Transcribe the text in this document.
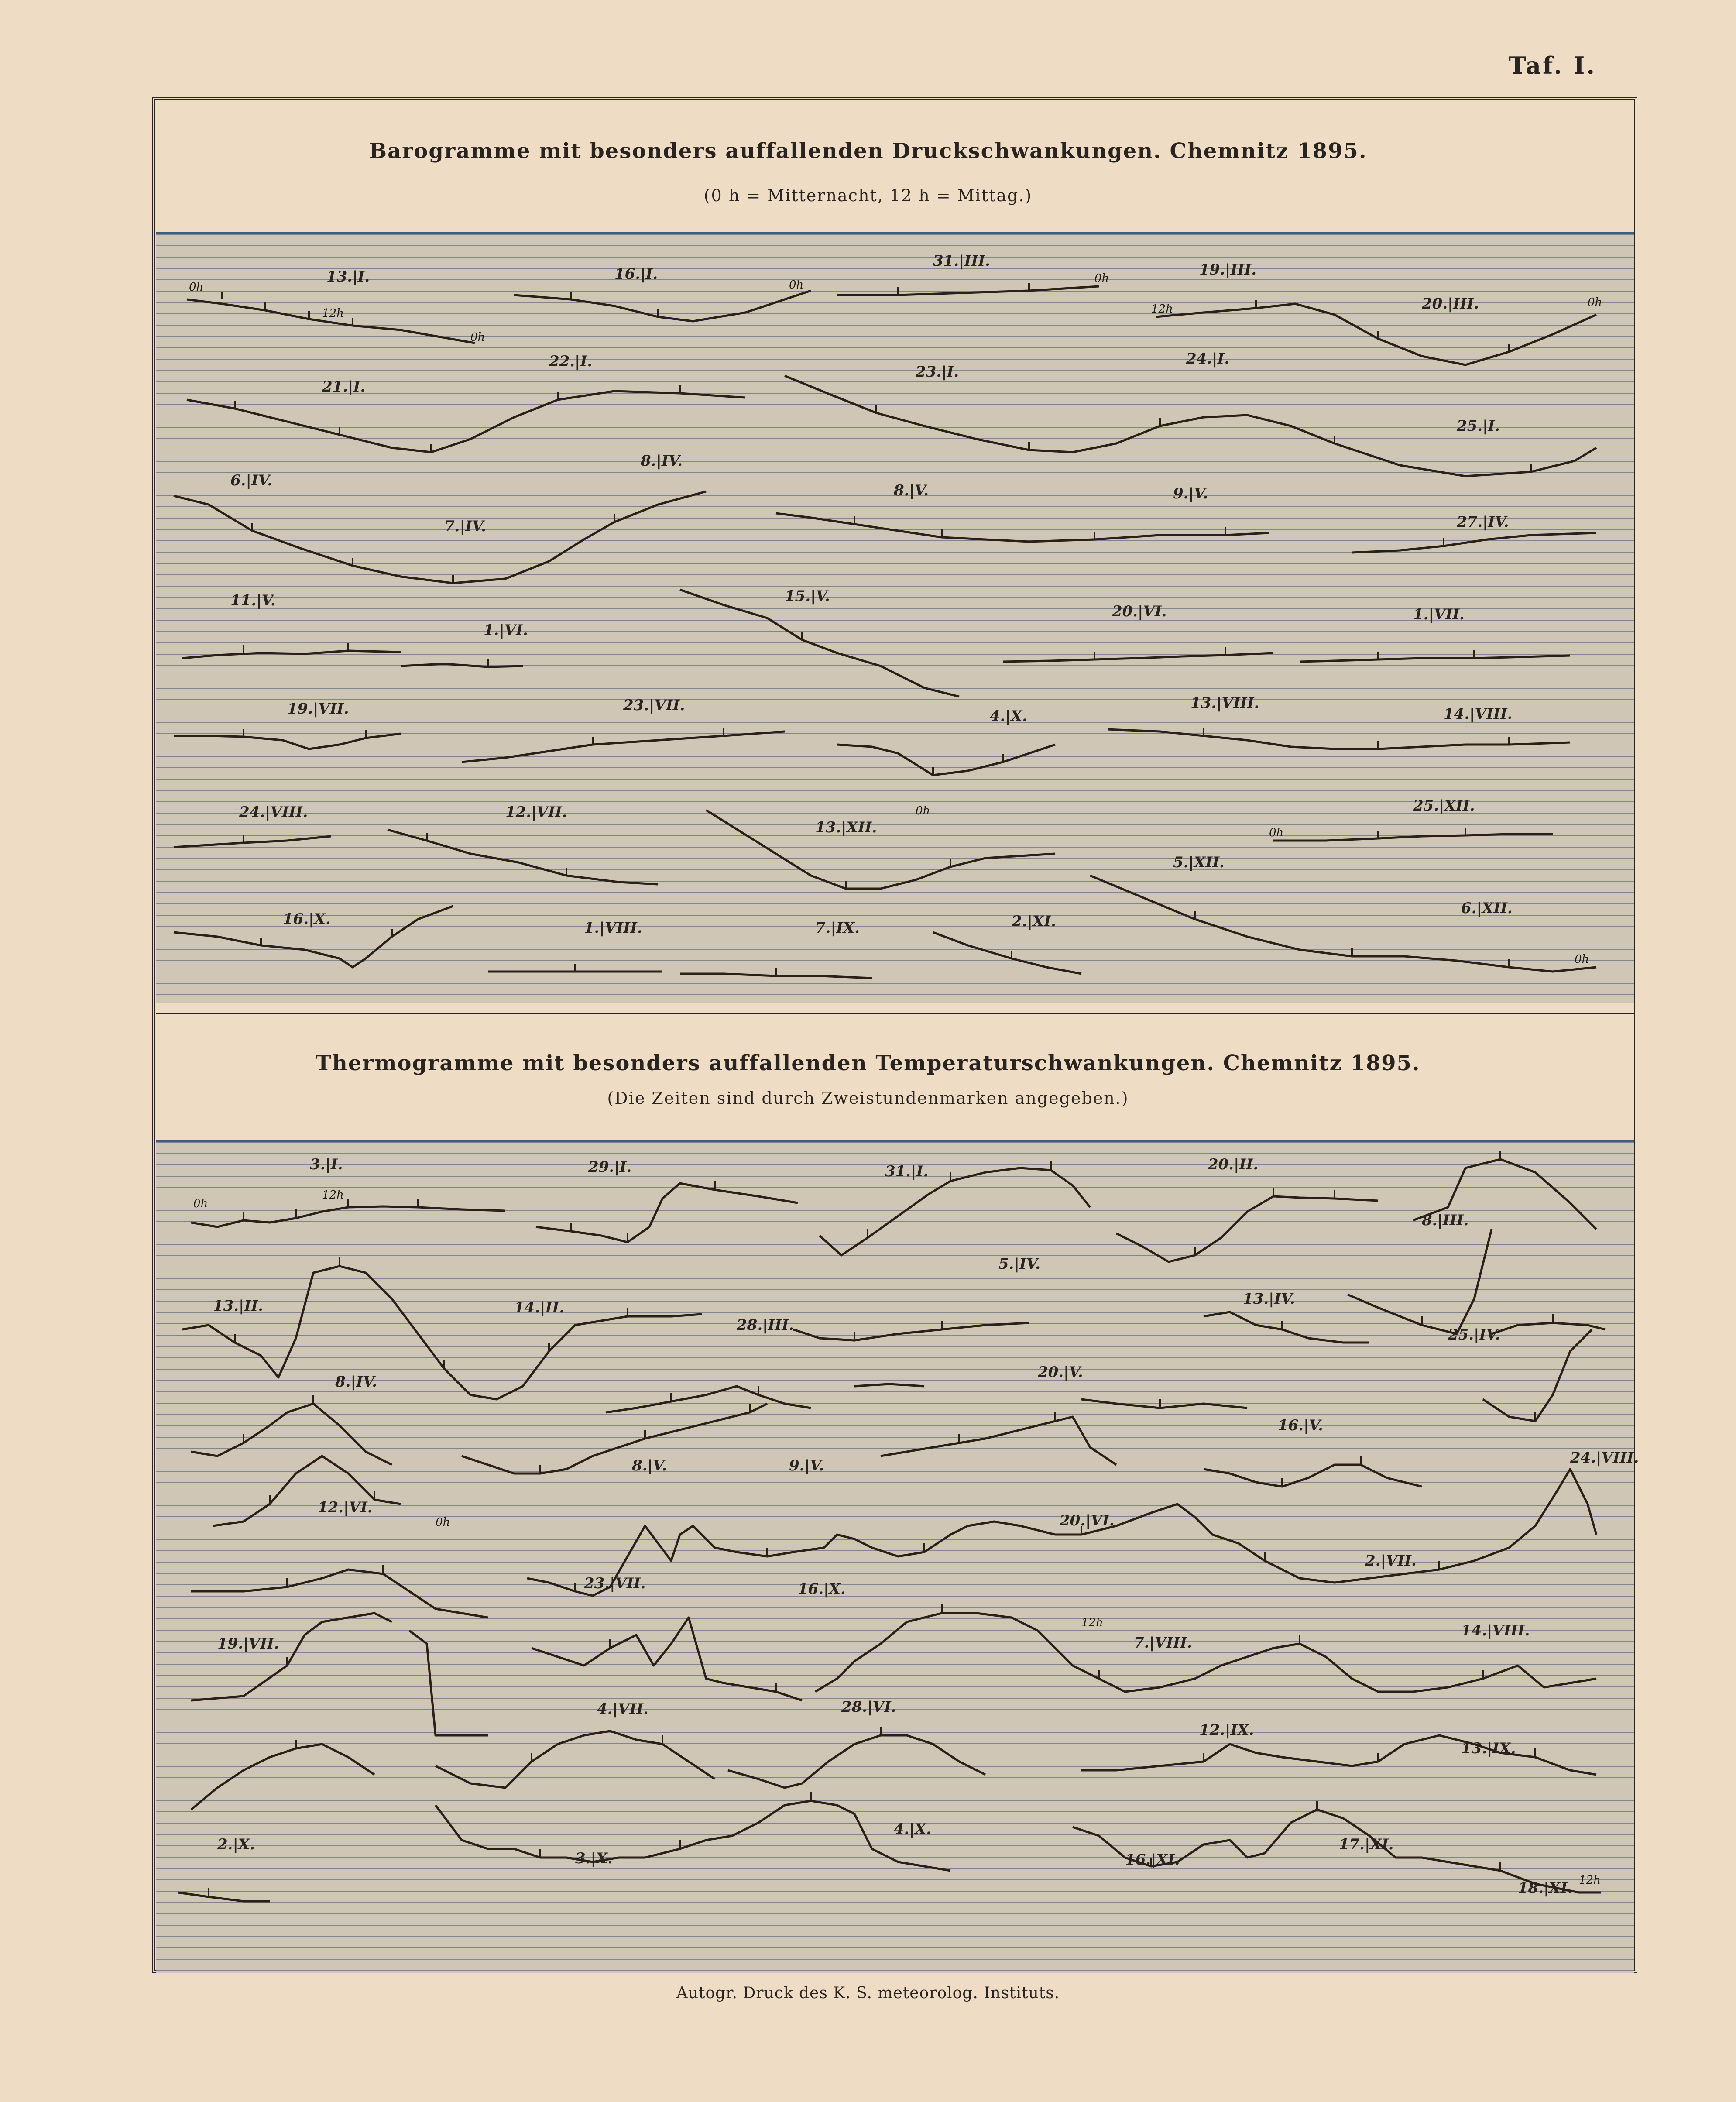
Taf. I.
Barogramme mit besonders auffallenden Druckschwankungen. Chemnitz 1895.
(0 h = Mitternacht, 12 h = Mittag.)
0h
12h
0h
0h	0h
12h	0h
0h
0h
0h
13.|I.	16.|I.
31.|III.	19.|III.
20.|III.
21.|I.
22.|I.
23.|I.
24.|I.
25.|I.
6.|IV.
8.|IV.
7.|IV.
8.|V.	9.|V.
27.|IV.
11.|V.	15.|V.
1.|VI.
20.|VI.	1.|VII.
19.|VII.	23.|VII.
4.|X.
13.|VIII.
14.|VIII.
24.|VIII.	12.|VII.
13.|XII.
25.|XII.
5.|XII.
16.|X.	1.|VIII.	7.|IX.	2.|XI.
6.|XII.
Thermogramme mit besonders auffallenden Temperaturschwankungen. Chemnitz 1895.
(Die Zeiten sind durch Zweistundenmarken angegeben.)
0h
12h
0h
12h
12h
3.|I.	29.|I.	31.|I.	20.|II.
8.|III.
13.|II.	14.|II.
5.|IV.
13.|IV.
28.|III.
25.|IV.
8.|IV.
20.|V.
16.|V.
8.|V.	9.|V.	24.|VIII.
12.|VI.
20.|VI.
2.|VII.
23.|VII.	16.|X.
19.|VII.	7.|VIII.
14.|VIII.
4.|VII.	28.|VI.
12.|IX.
13.|IX.
2.|X.
3.|X.
4.|X.
16.|XI.
17.|XI.
18.|XI.
Autogr. Druck des K. S. meteorolog. Instituts.
